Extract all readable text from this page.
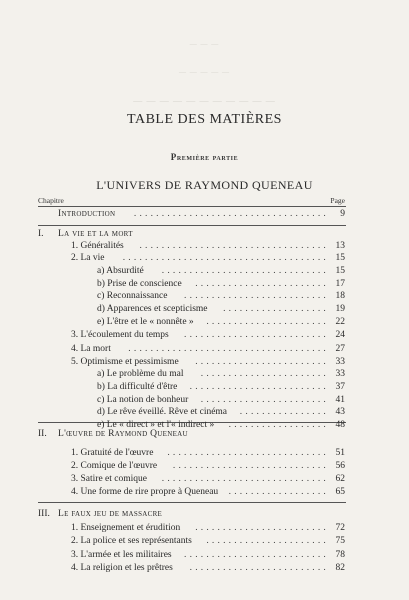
— — —
— — — — —
— — — — — — — — — — —
TABLE DES MATIÈRES
Première partie
L'UNIVERS DE RAYMOND QUENEAU
Chapitre	Page
Introduction	...................................	9
I. La vie et la mort
1. Généralités	.................................. 13
2. La vie	..................................... 15
a) Absurdité	.............................. 15
b) Prise de conscience	........................ 17
c) Reconnaissance	.......................... 18
d) Apparences et scepticisme	................... 19
e) L'être et le « nonnête »	...................... 22
3. L'écoulement du temps	.......................... 24
4. La mort	.................................... 27
5. Optimisme et pessimisme	........................ 33
a) Le problème du mal	....................... 33
b) La difficulté d'être	......................... 37
c) La notion de bonheur	....................... 41
d) Le rêve éveillé. Rêve et cinéma	................ 43
e) Le « direct » et l'« indirect »	.................. 48
II. L'œuvre de Raymond Queneau
1. Gratuité de l'œuvre	............................. 51
2. Comique de l'œuvre	............................ 56
3. Satire et comique	.............................. 62
4. Une forme de rire propre à Queneau	.................. 65
III. Le faux jeu de massacre
1. Enseignement et érudition	........................ 72
2. La police et ses représentants	...................... 75
3. L'armée et les militaires	.......................... 78
4. La religion et les prêtres	......................... 82
